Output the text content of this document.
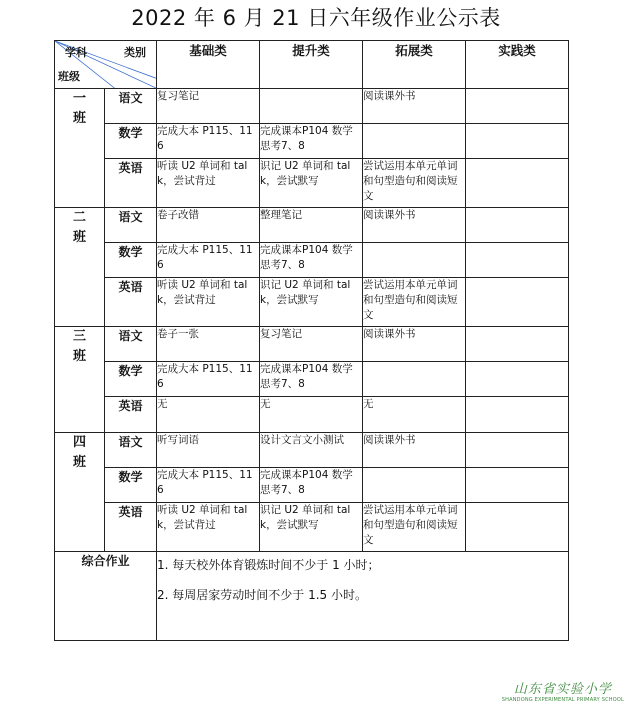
2022 年 6 月 21 日六年级作业公示表
学科 类别
班级		基础类	提升类	拓展类	实践类

一
班	语文	复习笔记		阅读课外书	
	数学	完成大本 P115、116	完成课本P104 数学思考7、8		
	英语	听读 U2 单词和 talk，尝试背过	识记 U2 单词和 talk，尝试默写	尝试运用本单元单词和句型造句和阅读短文	

二
班	语文	卷子改错	整理笔记	阅读课外书	
	数学	完成大本 P115、116	完成课本P104 数学思考7、8		
	英语	听读 U2 单词和 talk，尝试背过	识记 U2 单词和 talk，尝试默写	尝试运用本单元单词和句型造句和阅读短文	

三
班	语文	卷子一张	复习笔记	阅读课外书	
	数学	完成大本 P115、116	完成课本P104 数学思考7、8		
	英语	无	无	无	

四
班	语文	听写词语	设计文言文小测试	阅读课外书	
	数学	完成大本 P115、116	完成课本P104 数学思考7、8		
	英语	听读 U2 单词和 talk，尝试背过	识记 U2 单词和 talk，尝试默写	尝试运用本单元单词和句型造句和阅读短文	
综合作业		1. 每天校外体育锻炼时间不少于 1 小时；

2. 每周居家劳动时间不少于 1.5 小时。			

山东省实验小学
SHANDONG EXPERIMENTAL PRIMARY SCHOOL
